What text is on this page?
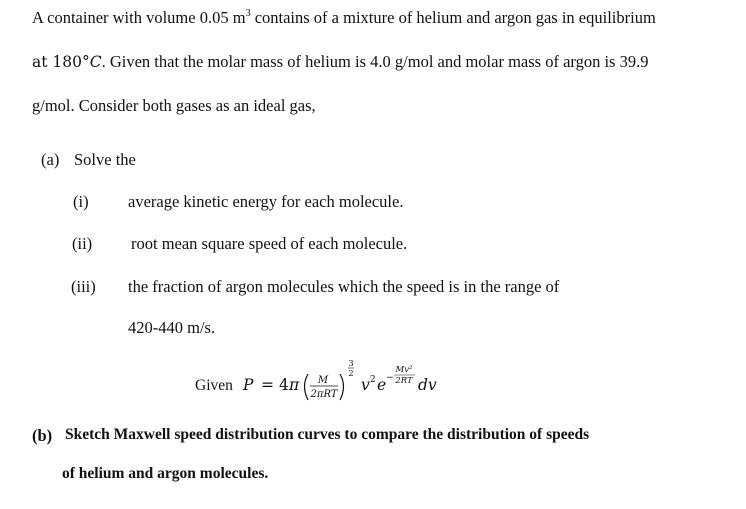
A container with volume 0.05 $m^3$ contains of a mixture of helium and argon gas in equilibrium
at 180°C. Given that the molar mass of helium is 4.0 g/mol and molar mass of argon is 39.9
g/mol. Consider both gases as an ideal gas,
(a) Solve the
(i) average kinetic energy for each molecule.
(ii) root mean square speed of each molecule.
(iii) the fraction of argon molecules which the speed is in the range of
420-440 m/s.
Given P = 4 π M
2πRT
3
2
v 2 e −
Mv²
2RT dv
(b) Sketch Maxwell speed distribution curves to compare the distribution of speeds
of helium and argon molecules.
